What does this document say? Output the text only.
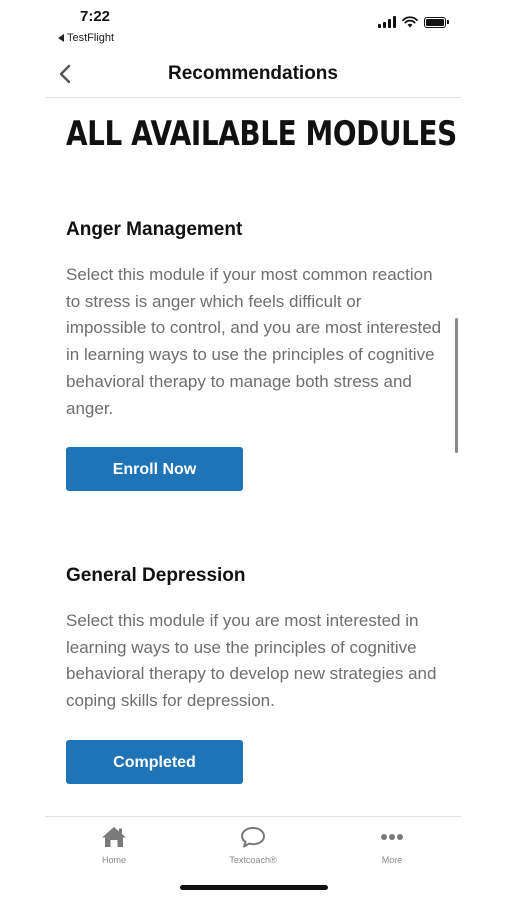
7:22
TestFlight
Recommendations
ALL AVAILABLE MODULES
Anger Management

Select this module if your most common reaction to stress is anger which feels difficult or impossible to control, and you are most interested in learning ways to use the principles of cognitive behavioral therapy to manage both stress and anger.

Enroll Now
General Depression

Select this module if you are most interested in learning ways to use the principles of cognitive behavioral therapy to develop new strategies and coping skills for depression.

Completed
Home	Textcoach®	More
